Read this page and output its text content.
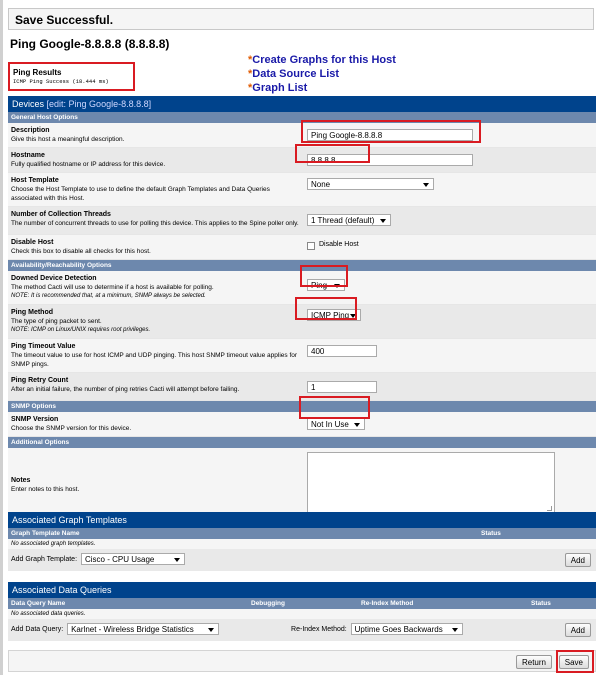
Save Successful.
Ping Google-8.8.8.8 (8.8.8.8)
Ping Results
ICMP Ping Success (18.444 ms)
*Create Graphs for this Host
*Data Source List
*Graph List
Devices [edit: Ping Google-8.8.8.8]	
General Host Options	

Description
Give this host a meaningful description.	Ping Google-8.8.8.8

Hostname
Fully qualified hostname or IP address for this device.	8.8.8.8

Host Template
Choose the Host Template to use to define the default Graph Templates and Data Queries associated with this Host.	None

Number of Collection Threads
The number of concurrent threads to use for polling this device. This applies to the Spine poller only.	1 Thread (default)

Disable Host
Check this box to disable all checks for this host.	Disable Host
Availability/Reachability Options	

Downed Device Detection
The method Cacti will use to determine if a host is available for polling.
NOTE: It is recommended that, at a minimum, SNMP always be selected.	Ping

Ping Method
The type of ping packet to sent.
NOTE: ICMP on Linux/UNIX requires root privileges.	ICMP Ping

Ping Timeout Value
The timeout value to use for host ICMP and UDP pinging. This host SNMP timeout value applies for SNMP pings.	400

Ping Retry Count
After an initial failure, the number of ping retries Cacti will attempt before failing.	1
SNMP Options	

SNMP Version
Choose the SNMP version for this device.	Not In Use

Additional Options	

Notes
Enter notes to this host.	
Associated Graph Templates
Graph Template Name	Status
No associated graph templates.
Add Graph Template: Cisco - CPU Usage	Add
Associated Data Queries
Data Query Name	Debugging	Re-Index Method	Status
No associated data queries.
Add Data Query: Karlnet - Wireless Bridge Statistics	Re-Index Method: Uptime Goes Backwards	Add
Return	Save
